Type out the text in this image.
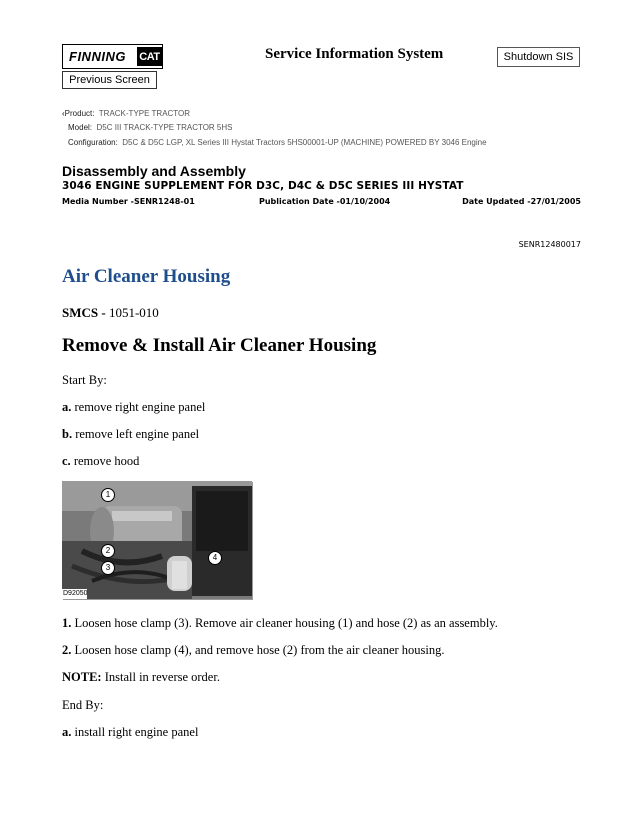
FINNING	CAT	Service Information System	Shutdown SIS
Previous Screen
‹Product: TRACK-TYPE TRACTOR
Model: D5C III TRACK-TYPE TRACTOR 5HS
Configuration: D5C & D5C LGP, XL Series III Hystat Tractors 5HS00001-UP (MACHINE) POWERED BY 3046 Engine
Disassembly and Assembly
3046 ENGINE SUPPLEMENT FOR D3C, D4C & D5C SERIES III HYSTAT
Media Number -SENR1248-01	Publication Date -01/10/2004	Date Updated -27/01/2005
SENR12480017
Air Cleaner Housing
SMCS - 1051-010
Remove & Install Air Cleaner Housing
Start By:
a. remove right engine panel
b. remove left engine panel
c. remove hood
1
2
3
4
D92050
1. Loosen hose clamp (3). Remove air cleaner housing (1) and hose (2) as an assembly.
2. Loosen hose clamp (4), and remove hose (2) from the air cleaner housing.
NOTE: Install in reverse order.
End By:
a. install right engine panel
